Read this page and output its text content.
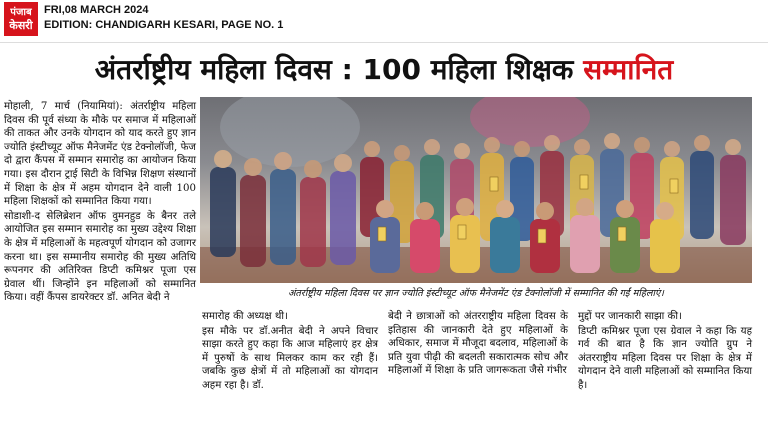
पंजाब
केसरी
FRI,08 MARCH 2024
EDITION: CHANDIGARH KESARI, PAGE NO. 1
अंतर्राष्ट्रीय महिला दिवस : 100 महिला शिक्षक सम्मानित

मोहाली, 7 मार्च (नियामियां): अंतर्राष्ट्रीय महिला दिवस की पूर्व संध्या के मौके पर समाज में महिलाओं की ताकत और उनके योगदान को याद करते हुए ज्ञान ज्योति इंस्टीच्यूट ऑफ मैनेजमेंट एंड टेक्नोलॉजी, फेज दो द्वारा कैंपस में सम्मान समारोह का आयोजन किया गया। इस दौरान ट्राई सिटी के विभिन्न शिक्षण संस्थानों में शिक्षा के क्षेत्र में अहम योगदान देने वाली 100 महिला शिक्षकों को सम्मानित किया गया।

सोडाशी-द सेलिब्रेशन ऑफ वुमनहुड के बैनर तले आयोजित इस सम्मान समारोह का मुख्य उद्देश्य शिक्षा के क्षेत्र में महिलाओं के महत्वपूर्ण योगदान को उजागर करना था। इस सम्मानीय समारोह की मुख्य अतिथि रूपनगर की अतिरिक्त डिप्टी कमिश्नर पूजा एस ग्रेवाल थीं। जिन्होंने इन महिलाओं को सम्मानित किया। वहीं कैंपस डायरेक्टर डॉ. अनित बेदी ने	अंतर्राष्ट्रीय महिला दिवस पर ज्ञान ज्योति इंस्टीच्यूट ऑफ मैनेजमेंट एंड टैक्नोलॉजी में सम्मानित की गईं महिलाएं।

समारोह की अध्यक्ष थी।

इस मौके पर डॉ.अनीत बेदी ने अपने विचार साझा करते हुए कहा कि आज महिलाएं हर क्षेत्र में पुरुषों के साथ मिलकर काम कर रही हैं। जबकि कुछ क्षेत्रों में तो महिलाओं का योगदान अहम रहा है। डॉ.

बेदी ने छात्राओं को अंतरराष्ट्रीय महिला दिवस के इतिहास की जानकारी देते हुए महिलाओं के अधिकार, समाज में मौजूदा बदलाव, महिलाओं के प्रति युवा पीढ़ी की बदलती सकारात्मक सोच और महिलाओं में शिक्षा के प्रति जागरूकता जैसे गंभीर

मुद्दों पर जानकारी साझा की।

डिप्टी कमिश्नर पूजा एस ग्रेवाल ने कहा कि यह गर्व की बात है कि ज्ञान ज्योति ग्रुप ने अंतरराष्ट्रीय महिला दिवस पर शिक्षा के क्षेत्र में योगदान देने वाली महिलाओं को सम्मानित किया है।
